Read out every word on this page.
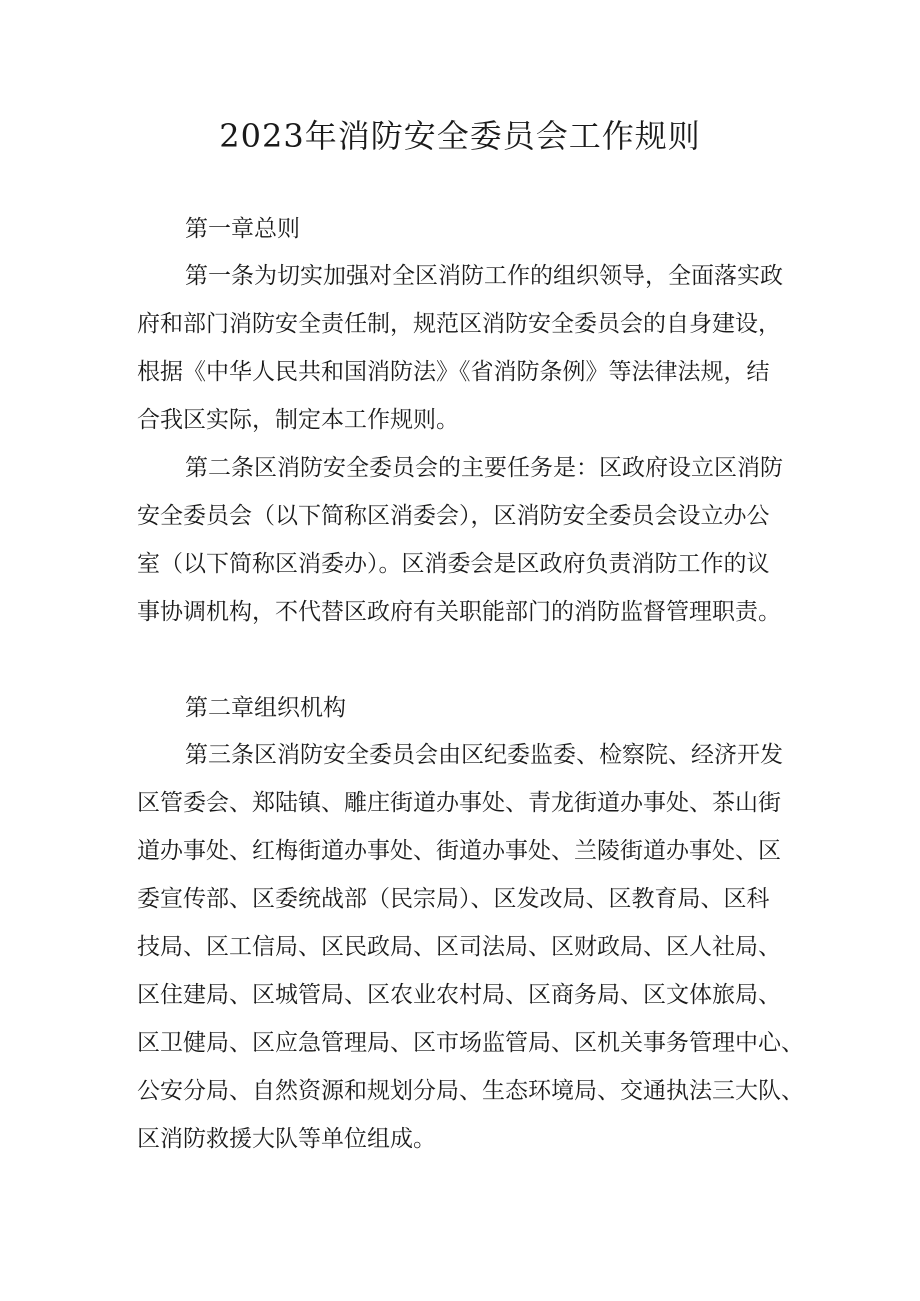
2023年消防安全委员会工作规则

第一章总则

第一条为切实加强对全区消防工作的组织领导，全面落实政

府和部门消防安全责任制，规范区消防安全委员会的自身建设，

根据《中华人民共和国消防法》《省消防条例》等法律法规，结

合我区实际，制定本工作规则。

第二条区消防安全委员会的主要任务是：区政府设立区消防

安全委员会（以下简称区消委会），区消防安全委员会设立办公

室（以下简称区消委办）。区消委会是区政府负责消防工作的议

事协调机构，不代替区政府有关职能部门的消防监督管理职责。

第二章组织机构

第三条区消防安全委员会由区纪委监委、检察院、经济开发

区管委会、郑陆镇、雕庄街道办事处、青龙街道办事处、茶山街

道办事处、红梅街道办事处、街道办事处、兰陵街道办事处、区

委宣传部、区委统战部（民宗局）、区发改局、区教育局、区科

技局、区工信局、区民政局、区司法局、区财政局、区人社局、

区住建局、区城管局、区农业农村局、区商务局、区文体旅局、

区卫健局、区应急管理局、区市场监管局、区机关事务管理中心、

公安分局、自然资源和规划分局、生态环境局、交通执法三大队、

区消防救援大队等单位组成。
